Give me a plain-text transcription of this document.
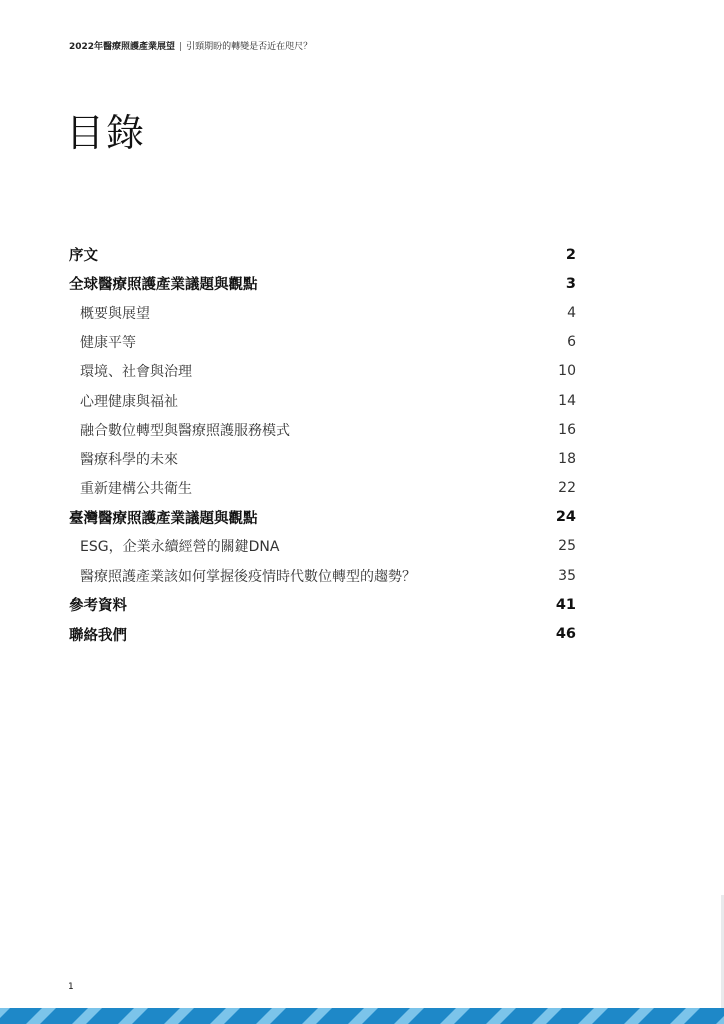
2022年醫療照護產業展望 | 引頸期盼的轉變是否近在咫尺？
目錄
序文	2
全球醫療照護產業議題與觀點	3
概要與展望	4
健康平等	6
環境、社會與治理	10
心理健康與福祉	14
融合數位轉型與醫療照護服務模式	16
醫療科學的未來	18
重新建構公共衛生	22
臺灣醫療照護產業議題與觀點	24
ESG，企業永續經營的關鍵DNA	25
醫療照護產業該如何掌握後疫情時代數位轉型的趨勢？	35
參考資料	41
聯絡我們	46
1
